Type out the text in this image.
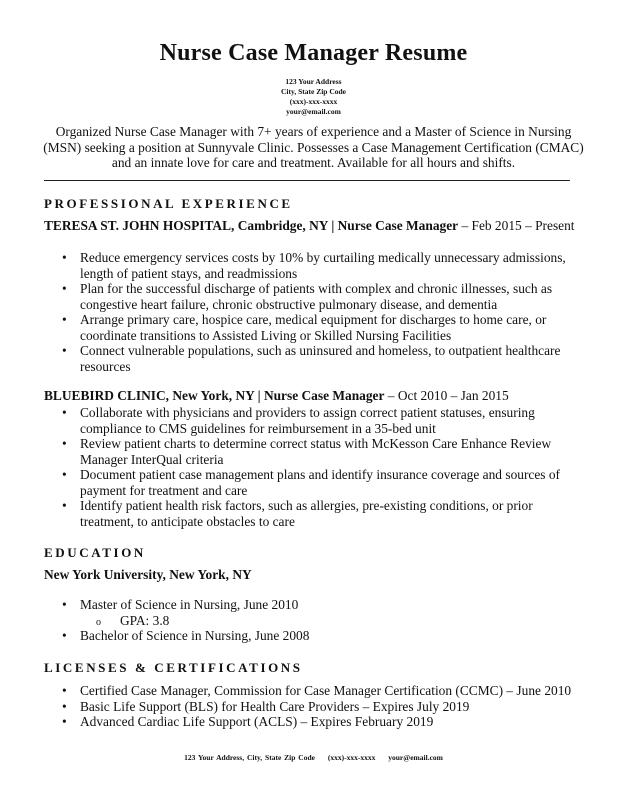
Nurse Case Manager Resume
123 Your Address
City, State Zip Code
(xxx)-xxx-xxxx
your@email.com
Organized Nurse Case Manager with 7+ years of experience and a Master of Science in Nursing (MSN) seeking a position at Sunnyvale Clinic. Possesses a Case Management Certification (CMAC) and an innate love for care and treatment. Available for all hours and shifts.
PROFESSIONAL EXPERIENCE
TERESA ST. JOHN HOSPITAL, Cambridge, NY | Nurse Case Manager – Feb 2015 – Present
• Reduce emergency services costs by 10% by curtailing medically unnecessary admissions, length of patient stays, and readmissions
• Plan for the successful discharge of patients with complex and chronic illnesses, such as congestive heart failure, chronic obstructive pulmonary disease, and dementia
• Arrange primary care, hospice care, medical equipment for discharges to home care, or coordinate transitions to Assisted Living or Skilled Nursing Facilities
• Connect vulnerable populations, such as uninsured and homeless, to outpatient healthcare resources
BLUEBIRD CLINIC, New York, NY | Nurse Case Manager – Oct 2010 – Jan 2015
• Collaborate with physicians and providers to assign correct patient statuses, ensuring compliance to CMS guidelines for reimbursement in a 35-bed unit
• Review patient charts to determine correct status with McKesson Care Enhance Review Manager InterQual criteria
• Document patient case management plans and identify insurance coverage and sources of payment for treatment and care
• Identify patient health risk factors, such as allergies, pre-existing conditions, or prior treatment, to anticipate obstacles to care
EDUCATION
New York University, New York, NY
• Master of Science in Nursing, June 2010
o GPA: 3.8
• Bachelor of Science in Nursing, June 2008
LICENSES & CERTIFICATIONS
• Certified Case Manager, Commission for Case Manager Certification (CCMC) – June 2010
• Basic Life Support (BLS) for Health Care Providers – Expires July 2019
• Advanced Cardiac Life Support (ACLS) – Expires February 2019
123 Your Address, City, State Zip Code (xxx)-xxx-xxxx your@email.com
